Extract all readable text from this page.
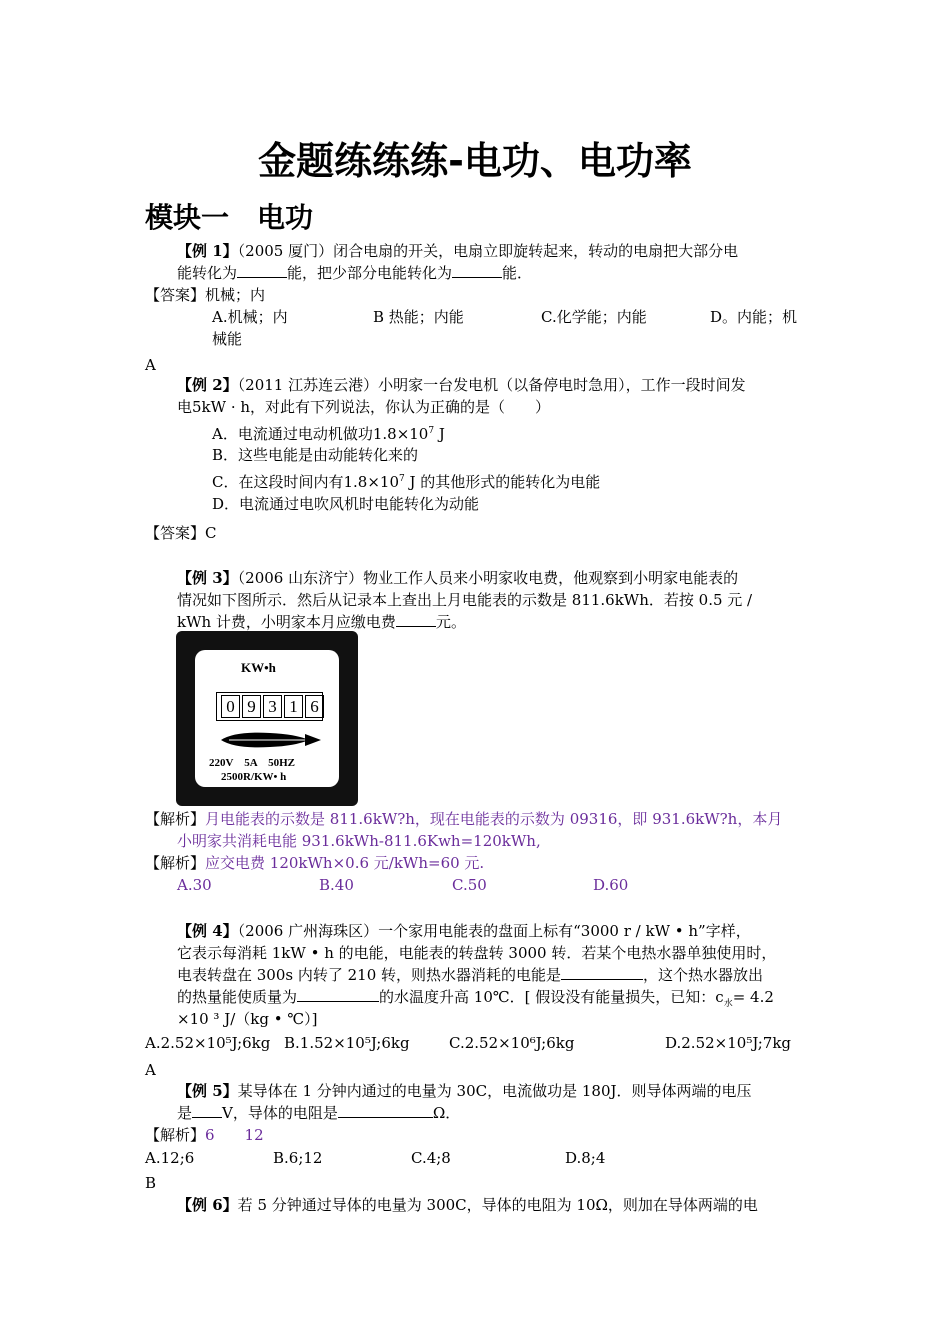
金题练练练-电功、电功率
模块一　电功
【例 1】（2005 厦门）闭合电扇的开关，电扇立即旋转起来，转动的电扇把大部分电
能转化为	能，把少部分电能转化为	能．
【答案】机械；内
A.机械；内	B 热能；内能	C.化学能；内能	D。内能；机
械能
A
【例 2】（2011 江苏连云港）小明家一台发电机（以备停电时急用），工作一段时间发
电5kW · h，对此有下列说法，你认为正确的是（　　）
A．电流通过电动机做功$1.8\times 10^7$ J
B．这些电能是由动能转化来的
C．在这段时间内有$1.8\times 10^7$ J 的其他形式的能转化为电能
D．电流通过电吹风机时电能转化为动能
【答案】C
【例 3】（2006 山东济宁）物业工作人员来小明家收电费，他观察到小明家电能表的
情况如下图所示．然后从记录本上查出上月电能表的示数是 811.6kWh．若按 0.5 元 /
kWh 计费，小明家本月应缴电费	元。
KW•h
0 9 3 1 6
220V　5A　50HZ
2500R/KW• h
【解析】月电能表的示数是 811.6kW?h，现在电能表的示数为 09316，即 931.6kW?h，本月
小明家共消耗电能 931.6kWh-811.6Kwh=120kWh,
【解析】应交电费 120kWh×0.6 元/kWh=60 元.
A.30	B.40	C.50	D.60
【例 4】（2006 广州海珠区）一个家用电能表的盘面上标有“3000 r / kW • h”字样，
它表示每消耗 1kW • h 的电能，电能表的转盘转 3000 转．若某个电热水器单独使用时，
电表转盘在 300s 内转了 210 转，则热水器消耗的电能是	，这个热水器放出
的热量能使质量为	的水温度升高 10℃．[ 假设没有能量损失，已知：$c_水= 4.2$
×10 ³ J/（kg • ℃）]
A.2.52×10⁵J;6kg B.1.52×10⁵J;6kg	C.2.52×10⁶J;6kg	D.2.52×10⁵J;7kg
A
【例 5】某导体在 1 分钟内通过的电量为 30C，电流做功是 180J．则导体两端的电压
是 V，导体的电阻是	Ω．
【解析】6　　12
A.12;6	B.6;12	C.4;8	D.8;4
B
【例 6】若 5 分钟通过导体的电量为 300C，导体的电阻为 10Ω，则加在导体两端的电
